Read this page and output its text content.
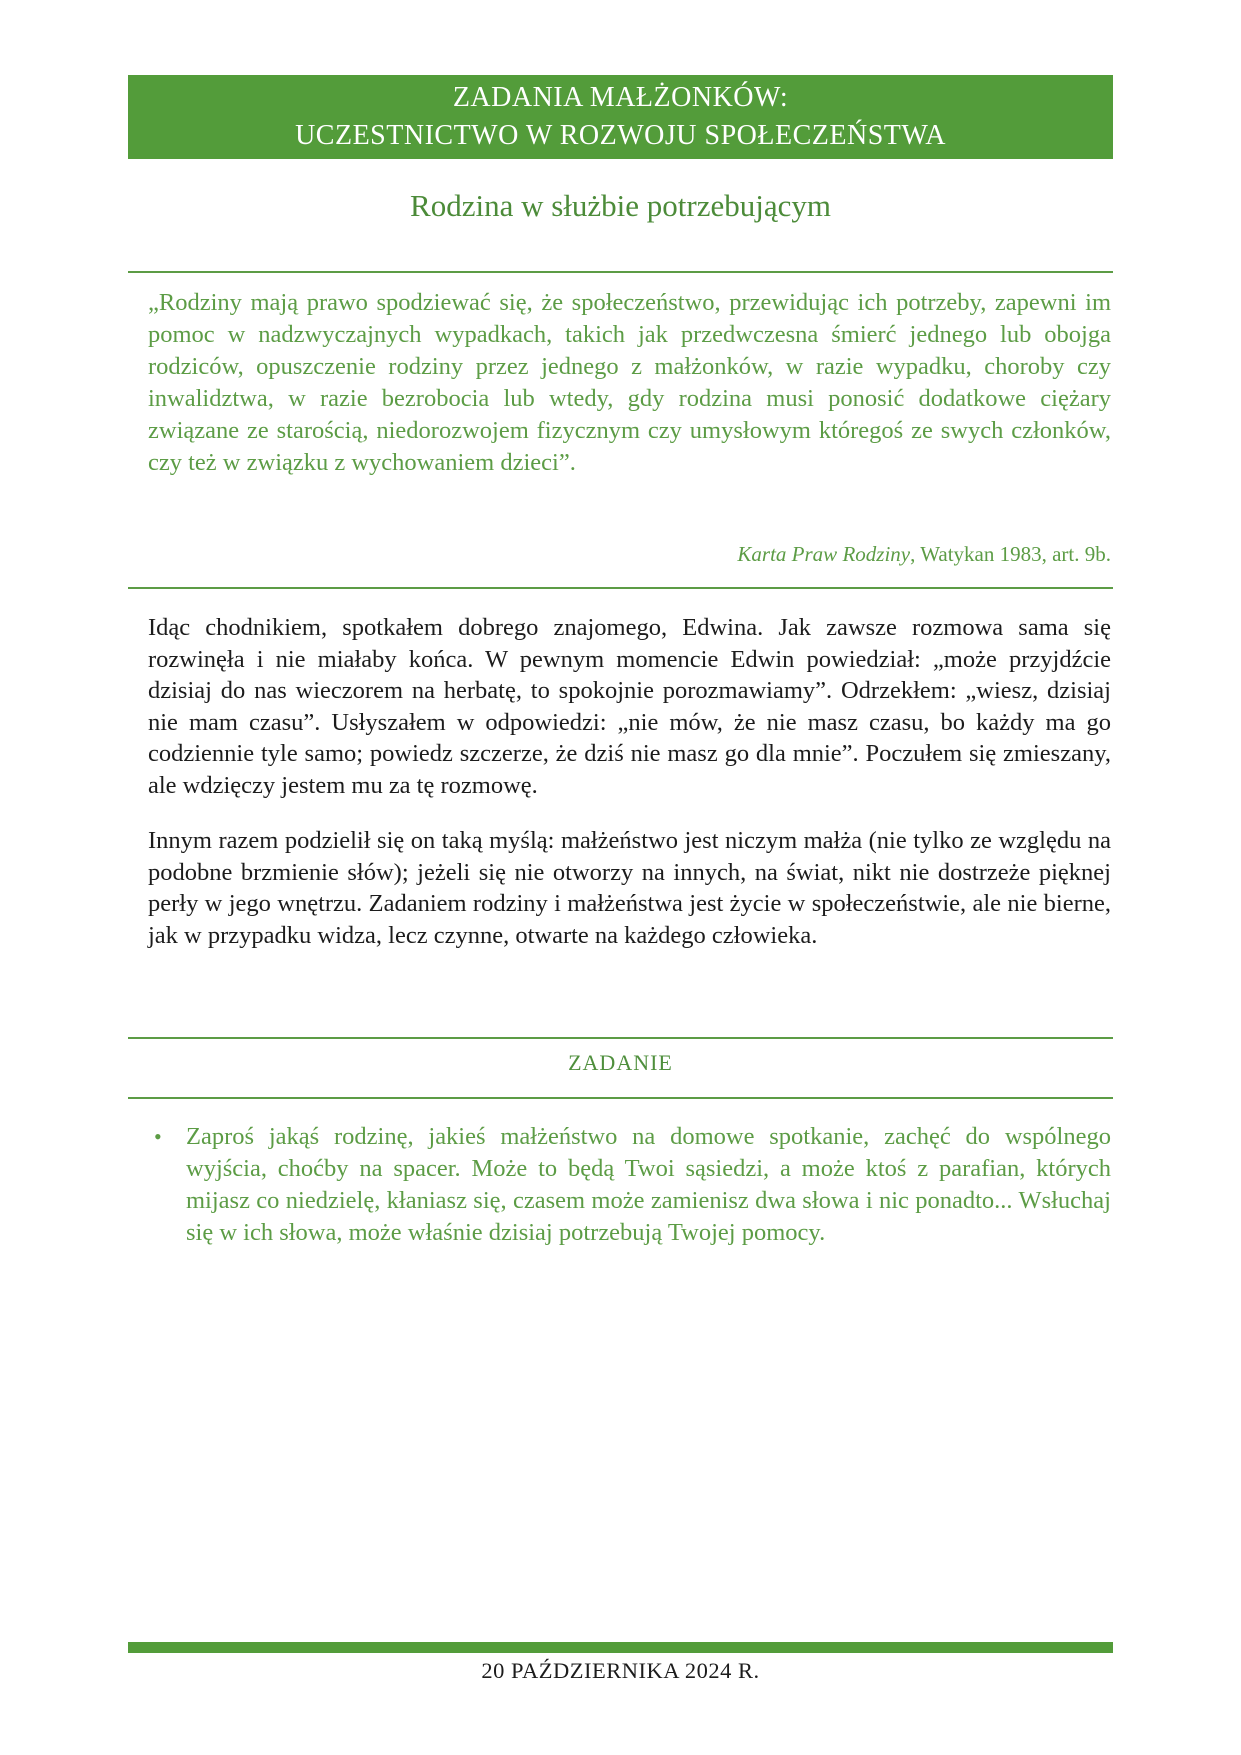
ZADANIA MAŁŻONKÓW:
UCZESTNICTWO W ROZWOJU SPOŁECZEŃSTWA
Rodzina w służbie potrzebującym
„Rodziny mają prawo spodziewać się, że społeczeństwo, przewidując ich potrzeby, zapewni im pomoc w nadzwyczajnych wypadkach, takich jak przedwczesna śmierć jednego lub obojga rodziców, opuszczenie rodziny przez jednego z małżonków, w razie wypadku, choroby czy inwalidztwa, w razie bezrobocia lub wtedy, gdy rodzina musi ponosić dodatkowe ciężary związane ze starością, niedorozwojem fizycznym czy umysłowym któregoś ze swych członków, czy też w związku z wychowaniem dzieci”.
Karta Praw Rodziny, Watykan 1983, art. 9b.

Idąc chodnikiem, spotkałem dobrego znajomego, Edwina. Jak zawsze rozmowa sama się rozwinęła i nie miałaby końca. W pewnym momencie Edwin powiedział: „może przyjdźcie dzisiaj do nas wieczorem na herbatę, to spokojnie porozmawiamy”. Odrzekłem: „wiesz, dzisiaj nie mam czasu”. Usłyszałem w odpowiedzi: „nie mów, że nie masz czasu, bo każdy ma go codziennie tyle samo; powiedz szczerze, że dziś nie masz go dla mnie”. Poczułem się zmieszany, ale wdzięczy jestem mu za tę rozmowę.

Innym razem podzielił się on taką myślą: małżeństwo jest niczym małża (nie tylko ze względu na podobne brzmienie słów); jeżeli się nie otworzy na innych, na świat, nikt nie dostrzeże pięknej perły w jego wnętrzu. Zadaniem rodziny i małżeństwa jest życie w społeczeństwie, ale nie bierne, jak w przypadku widza, lecz czynne, otwarte na każdego człowieka.

ZADANIE
• Zaproś jakąś rodzinę, jakieś małżeństwo na domowe spotkanie, zachęć do wspólnego wyjścia, choćby na spacer. Może to będą Twoi sąsiedzi, a może ktoś z parafian, których mijasz co niedzielę, kłaniasz się, czasem może zamienisz dwa słowa i nic ponadto... Wsłuchaj się w ich słowa, może właśnie dzisiaj potrzebują Twojej pomocy.
20 PAŹDZIERNIKA 2024 R.
